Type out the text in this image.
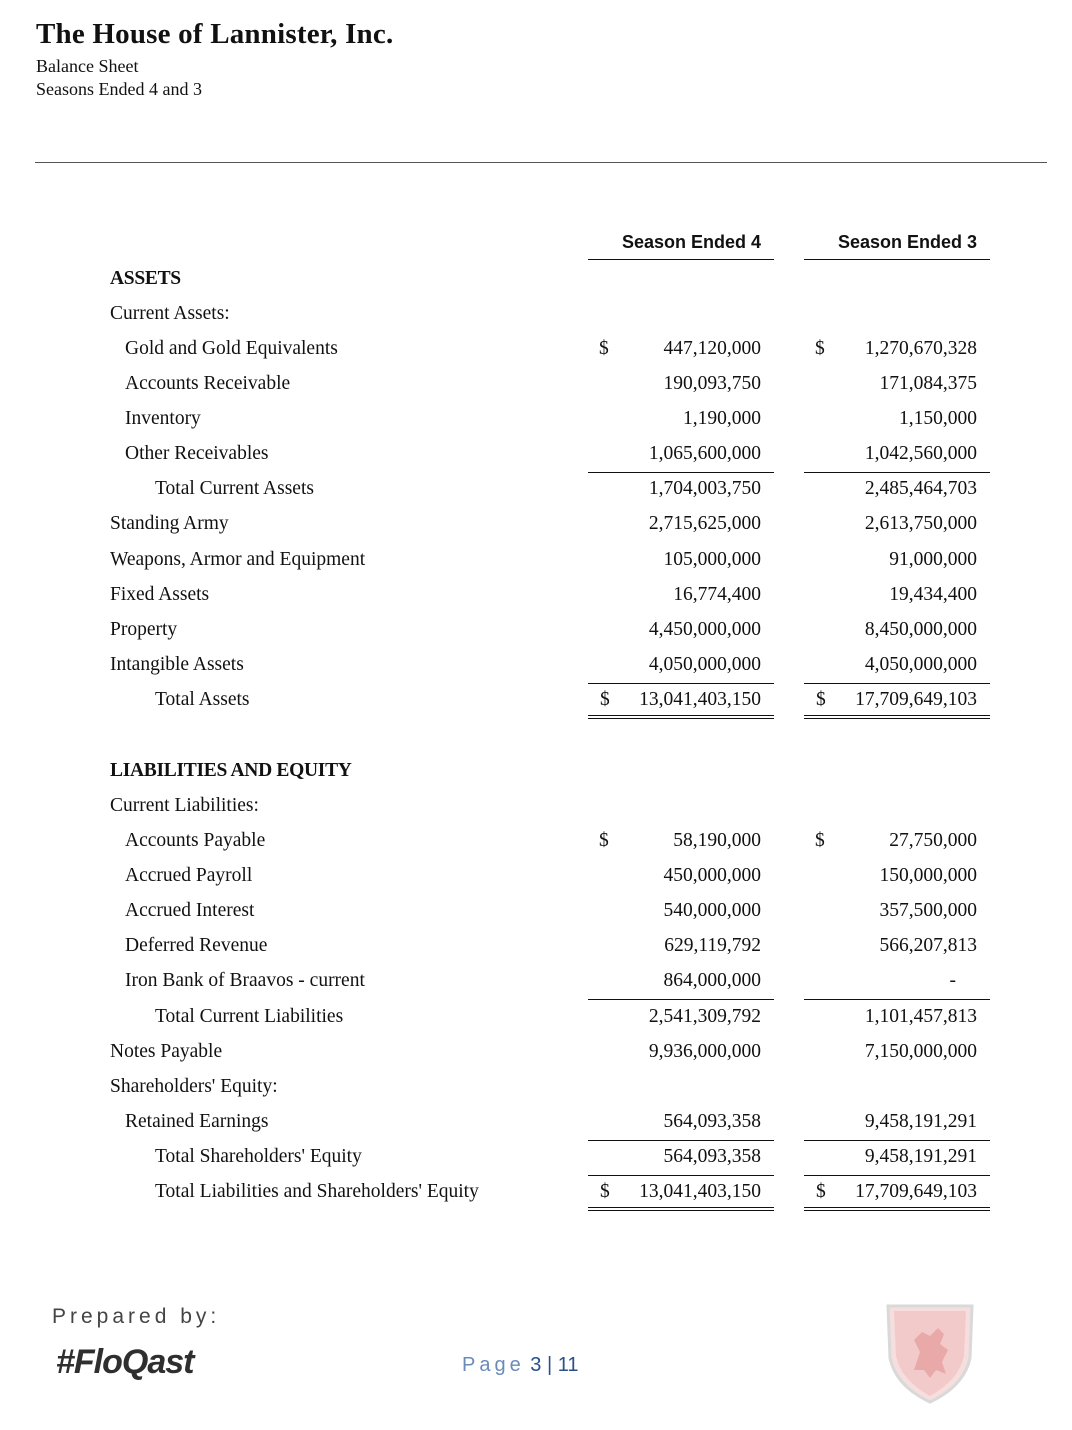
The House of Lannister, Inc.
Balance Sheet
Seasons Ended 4 and 3
Season Ended 4	Season Ended 3
ASSETS
Current Assets:
Gold and Gold Equivalents	$	447,120,000	$ 1,270,670,328
Accounts Receivable	190,093,750	171,084,375
Inventory	1,190,000	1,150,000
Other Receivables	1,065,600,000	1,042,560,000
Total Current Assets	1,704,003,750	2,485,464,703
Standing Army	2,715,625,000	2,613,750,000
Weapons, Armor and Equipment	105,000,000	91,000,000
Fixed Assets	16,774,400	19,434,400
Property	4,450,000,000	8,450,000,000
Intangible Assets	4,050,000,000	4,050,000,000
Total Assets	$ 13,041,403,150	$ 17,709,649,103
LIABILITIES AND EQUITY
Current Liabilities:
Accounts Payable	$	58,190,000	$	27,750,000
Accrued Payroll	450,000,000	150,000,000
Accrued Interest	540,000,000	357,500,000
Deferred Revenue	629,119,792	566,207,813
Iron Bank of Braavos - current	864,000,000	-
Total Current Liabilities	2,541,309,792	1,101,457,813
Notes Payable	9,936,000,000	7,150,000,000
Shareholders' Equity:
Retained Earnings	564,093,358	9,458,191,291
Total Shareholders' Equity	564,093,358	9,458,191,291
Total Liabilities and Shareholders' Equity	$ 13,041,403,150	$ 17,709,649,103
Prepared by:
#FloQast	Page 3 | 11
